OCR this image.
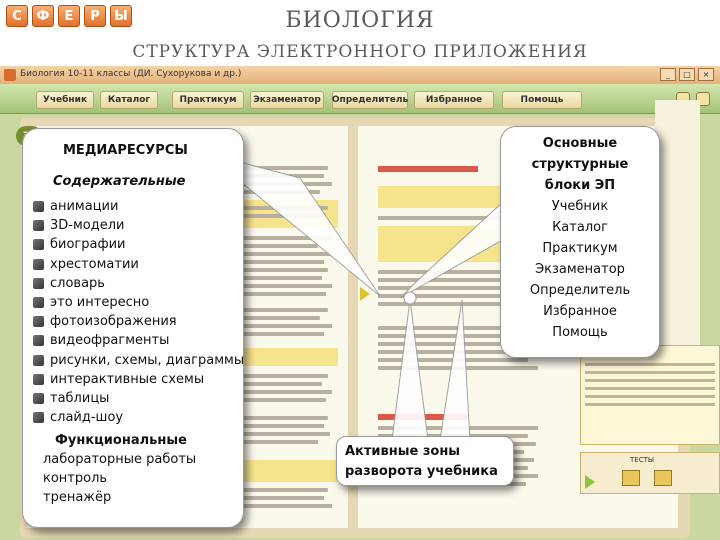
С	Ф	Е	Р	Ы	БИОЛОГИЯ
СТРУКТУРА ЭЛЕКТРОННОГО ПРИЛОЖЕНИЯ
Биология 10-11 классы (ДИ. Сухорукова и др.)	_	□	×
Учебник	Каталог	Практикум	Экзаменатор	Определитель	Избранное	Помощь
ТЕСТЫ
МЕДИАРЕСУРСЫ
Содержательные
анимации
3D-модели
биографии
хрестоматии
словарь
это интересно
фотоизображения
видеофрагменты
рисунки, схемы, диаграммы
интерактивные схемы
таблицы
слайд-шоу
Функциональные
лабораторные работы
контроль
тренажёр
Основные
структурные
блоки ЭП
Учебник
Каталог
Практикум
Экзаменатор
Определитель
Избранное
Помощь
Активные зоны
разворота учебника
